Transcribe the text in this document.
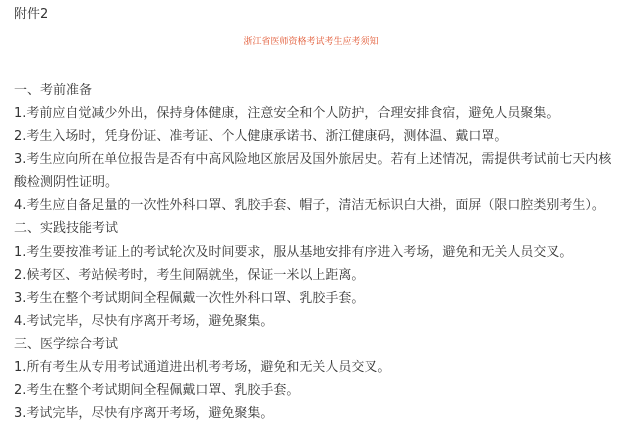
附件2
浙江省医师资格考试考生应考须知
一、考前准备
1.考前应自觉减少外出，保持身体健康，注意安全和个人防护，合理安排食宿，避免人员聚集。
2.考生入场时，凭身份证、准考证、个人健康承诺书、浙江健康码，测体温、戴口罩。
3.考生应向所在单位报告是否有中高风险地区旅居及国外旅居史。若有上述情况，需提供考试前七天内核
酸检测阴性证明。
4.考生应自备足量的一次性外科口罩、乳胶手套、帽子，清洁无标识白大褂，面屏（限口腔类别考生）。
二、实践技能考试
1.考生要按准考证上的考试轮次及时间要求，服从基地安排有序进入考场，避免和无关人员交叉。
2.候考区、考站候考时，考生间隔就坐，保证一米以上距离。
3.考生在整个考试期间全程佩戴一次性外科口罩、乳胶手套。
4.考试完毕，尽快有序离开考场，避免聚集。
三、医学综合考试
1.所有考生从专用考试通道进出机考考场，避免和无关人员交叉。
2.考生在整个考试期间全程佩戴口罩、乳胶手套。
3.考试完毕，尽快有序离开考场，避免聚集。
